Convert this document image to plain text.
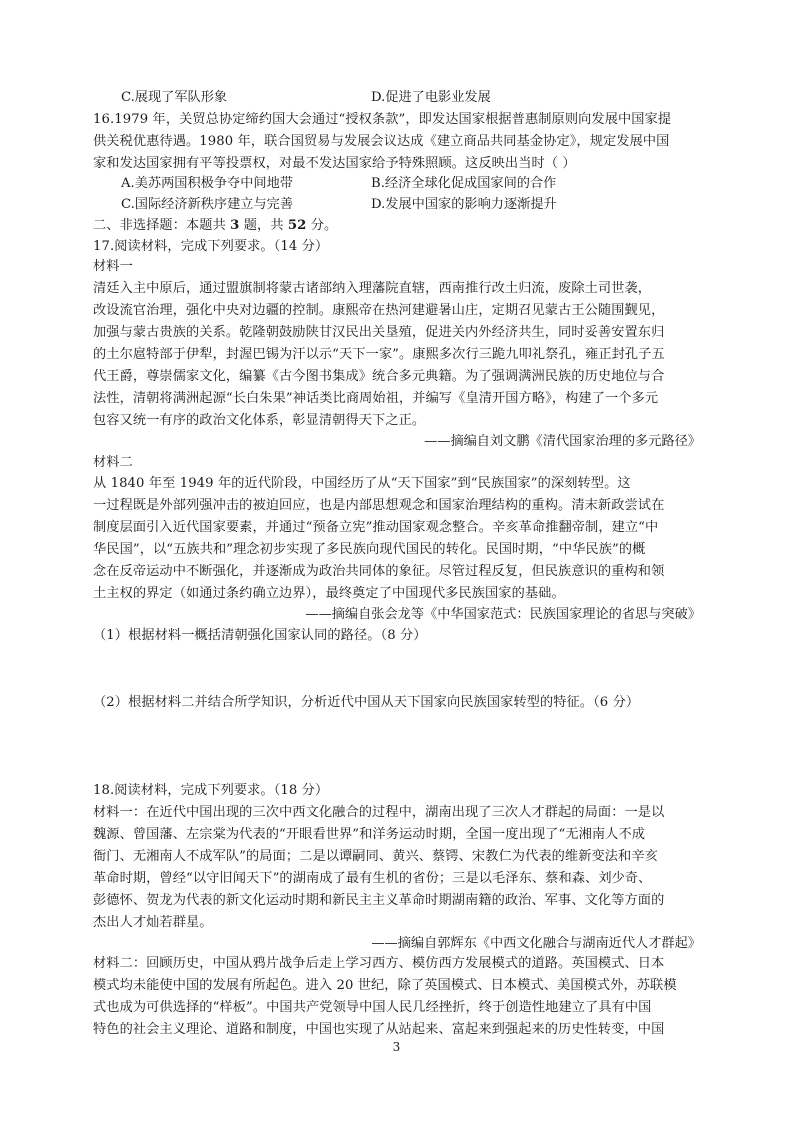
C.展现了军队形象	D.促进了电影业发展
16.1979 年，关贸总协定缔约国大会通过“授权条款”，即发达国家根据普惠制原则向发展中国家提
供关税优惠待遇。1980 年，联合国贸易与发展会议达成《建立商品共同基金协定》，规定发展中国
家和发达国家拥有平等投票权，对最不发达国家给予特殊照顾。这反映出当时（ ）
A.美苏两国积极争夺中间地带	B.经济全球化促成国家间的合作
C.国际经济新秩序建立与完善	D.发展中国家的影响力逐渐提升
二、非选择题：本题共 3 题，共 52 分。
17.阅读材料，完成下列要求。（14 分）
材料一
清廷入主中原后，通过盟旗制将蒙古诸部纳入理藩院直辖，西南推行改土归流，废除土司世袭，
改设流官治理，强化中央对边疆的控制。康熙帝在热河建避暑山庄，定期召见蒙古王公随围觐见，
加强与蒙古贵族的关系。乾隆朝鼓励陕甘汉民出关垦殖，促进关内外经济共生，同时妥善安置东归
的土尔扈特部于伊犁，封渥巴锡为汗以示“天下一家”。康熙多次行三跪九叩礼祭孔，雍正封孔子五
代王爵，尊崇儒家文化，编纂《古今图书集成》统合多元典籍。为了强调满洲民族的历史地位与合
法性，清朝将满洲起源“长白朱果”神话类比商周始祖，并编写《皇清开国方略》，构建了一个多元
包容又统一有序的政治文化体系，彰显清朝得天下之正。
——摘编自刘文鹏《清代国家治理的多元路径》
材料二
从 1840 年至 1949 年的近代阶段，中国经历了从“天下国家”到“民族国家”的深刻转型。这
一过程既是外部列强冲击的被迫回应，也是内部思想观念和国家治理结构的重构。清末新政尝试在
制度层面引入近代国家要素，并通过“预备立宪”推动国家观念整合。辛亥革命推翻帝制，建立“中
华民国”，以“五族共和”理念初步实现了多民族向现代国民的转化。民国时期，“中华民族”的概
念在反帝运动中不断强化，并逐渐成为政治共同体的象征。尽管过程反复，但民族意识的重构和领
土主权的界定（如通过条约确立边界），最终奠定了中国现代多民族国家的基础。
——摘编自张会龙等《中华国家范式：民族国家理论的省思与突破》
（1）根据材料一概括清朝强化国家认同的路径。（8 分）
（2）根据材料二并结合所学知识，分析近代中国从天下国家向民族国家转型的特征。（6 分）
18.阅读材料，完成下列要求。（18 分）
材料一：在近代中国出现的三次中西文化融合的过程中，湖南出现了三次人才群起的局面：一是以
魏源、曾国藩、左宗棠为代表的“开眼看世界”和洋务运动时期，全国一度出现了“无湘南人不成
衙门、无湘南人不成军队”的局面；二是以谭嗣同、黄兴、蔡锷、宋教仁为代表的维新变法和辛亥
革命时期，曾经“以守旧闻天下”的湖南成了最有生机的省份；三是以毛泽东、蔡和森、刘少奇、
彭德怀、贺龙为代表的新文化运动时期和新民主主义革命时期湖南籍的政治、军事、文化等方面的
杰出人才灿若群星。
——摘编自郭辉东《中西文化融合与湖南近代人才群起》
材料二：回顾历史，中国从鸦片战争后走上学习西方、模仿西方发展模式的道路。英国模式、日本
模式均未能使中国的发展有所起色。进入 20 世纪，除了英国模式、日本模式、美国模式外，苏联模
式也成为可供选择的“样板”。中国共产党领导中国人民几经挫折，终于创造性地建立了具有中国
特色的社会主义理论、道路和制度，中国也实现了从站起来、富起来到强起来的历史性转变，中国
3
